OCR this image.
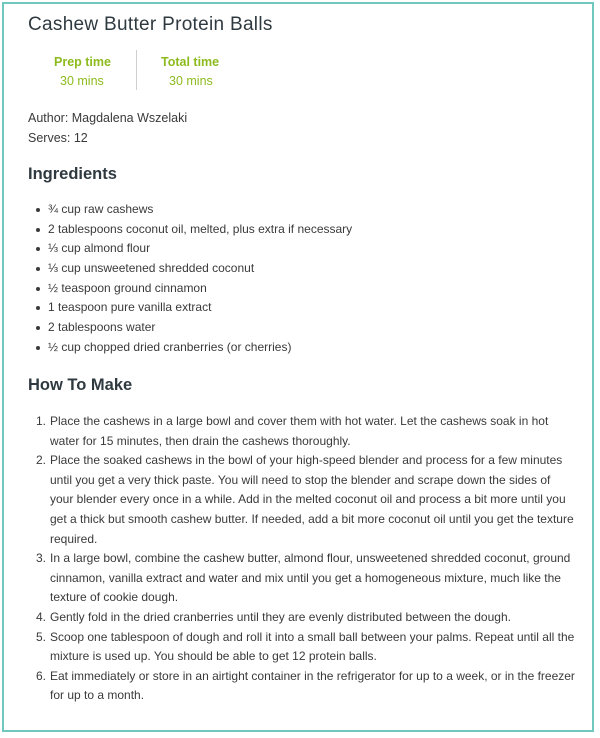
Cashew Butter Protein Balls
Prep time
30 mins
Total time
30 mins
Author: Magdalena Wszelaki
Serves: 12
Ingredients
¾ cup raw cashews
2 tablespoons coconut oil, melted, plus extra if necessary
⅓ cup almond flour
⅓ cup unsweetened shredded coconut
½ teaspoon ground cinnamon
1 teaspoon pure vanilla extract
2 tablespoons water
½ cup chopped dried cranberries (or cherries)
How To Make
1. Place the cashews in a large bowl and cover them with hot water. Let the cashews soak in hot water for 15 minutes, then drain the cashews thoroughly.
2. Place the soaked cashews in the bowl of your high-speed blender and process for a few minutes until you get a very thick paste. You will need to stop the blender and scrape down the sides of your blender every once in a while. Add in the melted coconut oil and process a bit more until you get a thick but smooth cashew butter. If needed, add a bit more coconut oil until you get the texture required.
3. In a large bowl, combine the cashew butter, almond flour, unsweetened shredded coconut, ground cinnamon, vanilla extract and water and mix until you get a homogeneous mixture, much like the texture of cookie dough.
4. Gently fold in the dried cranberries until they are evenly distributed between the dough.
5. Scoop one tablespoon of dough and roll it into a small ball between your palms. Repeat until all the mixture is used up. You should be able to get 12 protein balls.
6. Eat immediately or store in an airtight container in the refrigerator for up to a week, or in the freezer for up to a month.
